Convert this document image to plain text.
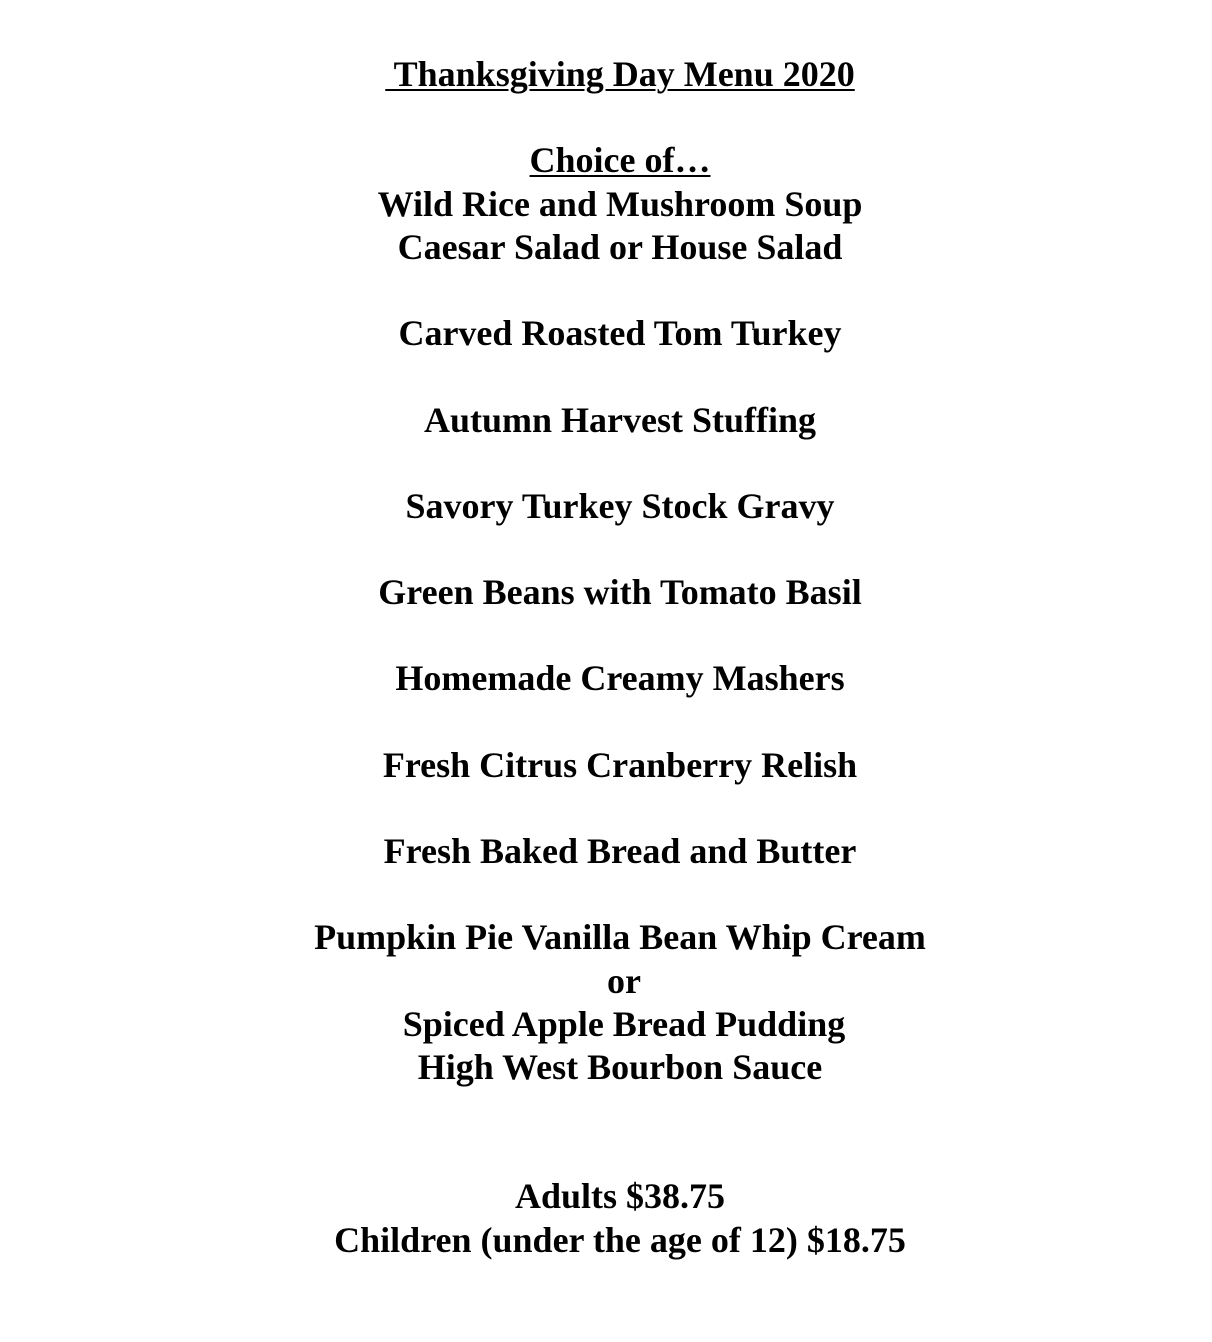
Thanksgiving Day Menu 2020
Choice of…
Wild Rice and Mushroom Soup
Caesar Salad or House Salad
Carved Roasted Tom Turkey
Autumn Harvest Stuffing
Savory Turkey Stock Gravy
Green Beans with Tomato Basil
Homemade Creamy Mashers
Fresh Citrus Cranberry Relish
Fresh Baked Bread and Butter
Pumpkin Pie Vanilla Bean Whip Cream
or
Spiced Apple Bread Pudding
High West Bourbon Sauce
Adults $38.75
Children (under the age of 12) $18.75
